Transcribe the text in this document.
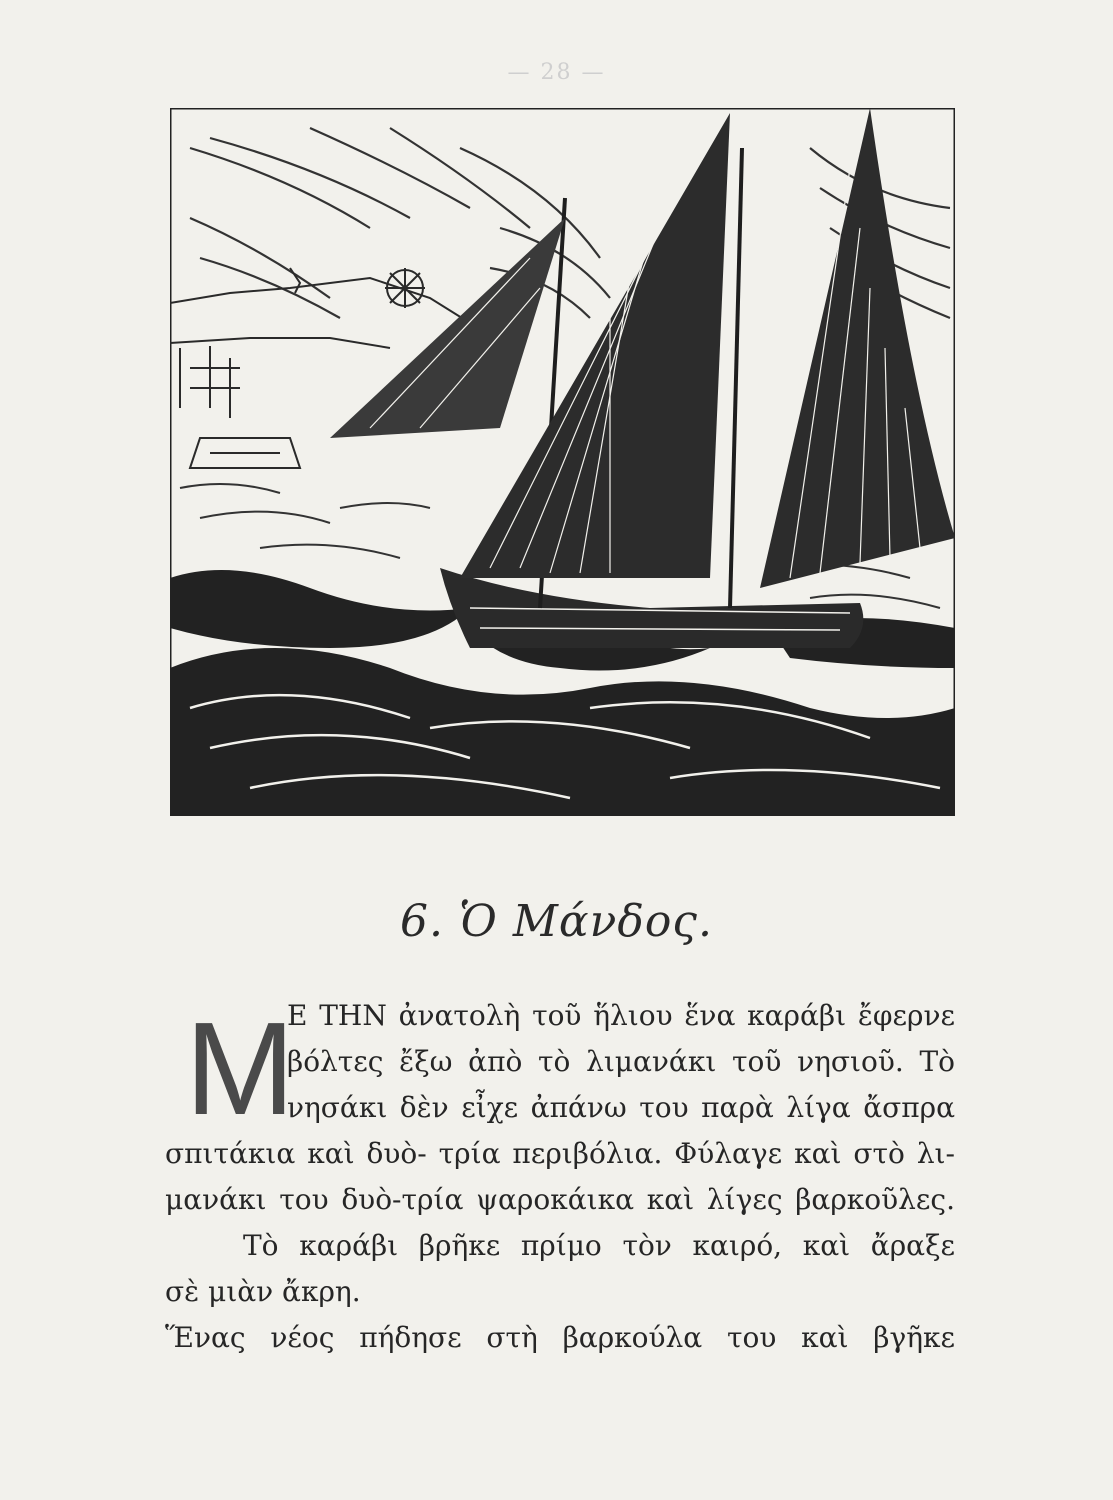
— 28 —
6. Ὁ Μάνδος.
Μ
Ε ΤΗΝ ἀνατολὴ τοῦ ἥλιου ἕνα καράβι ἔφερνε
βόλτες ἔξω ἀπὸ τὸ λιμανάκι τοῦ νησιοῦ. Τὸ
νησάκι δὲν εἶχε ἀπάνω του παρὰ λίγα ἄσπρα
σπιτάκια καὶ δυὸ- τρία περιβόλια. Φύλαγε καὶ στὸ λι-
μανάκι του δυὸ-τρία ψαροκάικα καὶ λίγες βαρκοῦλες.
Τὸ καράβι βρῆκε πρίμο τὸν καιρό, καὶ ἄραξε
σὲ μιὰν ἄκρη.
Ἕνας νέος πήδησε στὴ βαρκούλα του καὶ βγῆκε
